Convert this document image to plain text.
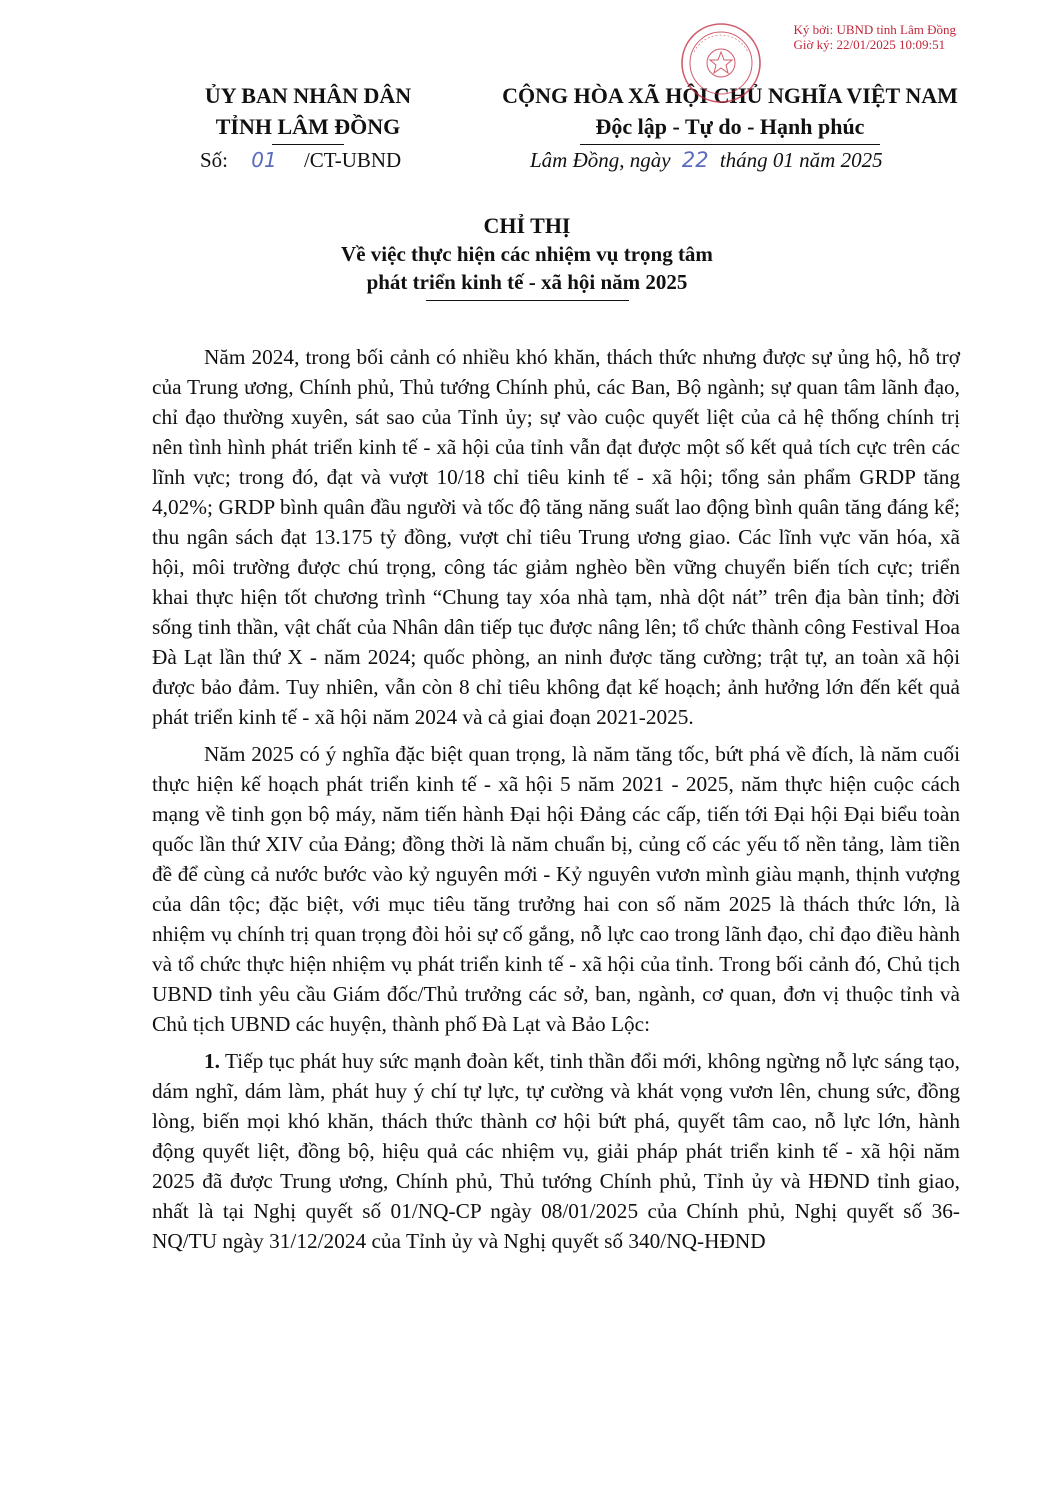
Ký bởi: UBND tỉnh Lâm Đồng
Giờ ký: 22/01/2025 10:09:51
ỦY BAN NHÂN DÂN
TỈNH LÂM ĐỒNG
CỘNG HÒA XÃ HỘI CHỦ NGHĨA VIỆT NAM
Độc lập - Tự do - Hạnh phúc
Số: 01 /CT-UBND	Lâm Đồng, ngày 22 tháng 01 năm 2025
CHỈ THỊ
Về việc thực hiện các nhiệm vụ trọng tâm
phát triển kinh tế - xã hội năm 2025

Năm 2024, trong bối cảnh có nhiều khó khăn, thách thức nhưng được sự ủng hộ, hỗ trợ của Trung ương, Chính phủ, Thủ tướng Chính phủ, các Ban, Bộ ngành; sự quan tâm lãnh đạo, chỉ đạo thường xuyên, sát sao của Tỉnh ủy; sự vào cuộc quyết liệt của cả hệ thống chính trị nên tình hình phát triển kinh tế - xã hội của tỉnh vẫn đạt được một số kết quả tích cực trên các lĩnh vực; trong đó, đạt và vượt 10/18 chỉ tiêu kinh tế - xã hội; tổng sản phẩm GRDP tăng 4,02%; GRDP bình quân đầu người và tốc độ tăng năng suất lao động bình quân tăng đáng kể; thu ngân sách đạt 13.175 tỷ đồng, vượt chỉ tiêu Trung ương giao. Các lĩnh vực văn hóa, xã hội, môi trường được chú trọng, công tác giảm nghèo bền vững chuyển biến tích cực; triển khai thực hiện tốt chương trình “Chung tay xóa nhà tạm, nhà dột nát” trên địa bàn tỉnh; đời sống tinh thần, vật chất của Nhân dân tiếp tục được nâng lên; tổ chức thành công Festival Hoa Đà Lạt lần thứ X - năm 2024; quốc phòng, an ninh được tăng cường; trật tự, an toàn xã hội được bảo đảm. Tuy nhiên, vẫn còn 8 chỉ tiêu không đạt kế hoạch; ảnh hưởng lớn đến kết quả phát triển kinh tế - xã hội năm 2024 và cả giai đoạn 2021-2025.

Năm 2025 có ý nghĩa đặc biệt quan trọng, là năm tăng tốc, bứt phá về đích, là năm cuối thực hiện kế hoạch phát triển kinh tế - xã hội 5 năm 2021 - 2025, năm thực hiện cuộc cách mạng về tinh gọn bộ máy, năm tiến hành Đại hội Đảng các cấp, tiến tới Đại hội Đại biểu toàn quốc lần thứ XIV của Đảng; đồng thời là năm chuẩn bị, củng cố các yếu tố nền tảng, làm tiền đề để cùng cả nước bước vào kỷ nguyên mới - Kỷ nguyên vươn mình giàu mạnh, thịnh vượng của dân tộc; đặc biệt, với mục tiêu tăng trưởng hai con số năm 2025 là thách thức lớn, là nhiệm vụ chính trị quan trọng đòi hỏi sự cố gắng, nỗ lực cao trong lãnh đạo, chỉ đạo điều hành và tổ chức thực hiện nhiệm vụ phát triển kinh tế - xã hội của tỉnh. Trong bối cảnh đó, Chủ tịch UBND tỉnh yêu cầu Giám đốc/Thủ trưởng các sở, ban, ngành, cơ quan, đơn vị thuộc tỉnh và Chủ tịch UBND các huyện, thành phố Đà Lạt và Bảo Lộc:

1. Tiếp tục phát huy sức mạnh đoàn kết, tinh thần đổi mới, không ngừng nỗ lực sáng tạo, dám nghĩ, dám làm, phát huy ý chí tự lực, tự cường và khát vọng vươn lên, chung sức, đồng lòng, biến mọi khó khăn, thách thức thành cơ hội bứt phá, quyết tâm cao, nỗ lực lớn, hành động quyết liệt, đồng bộ, hiệu quả các nhiệm vụ, giải pháp phát triển kinh tế - xã hội năm 2025 đã được Trung ương, Chính phủ, Thủ tướng Chính phủ, Tỉnh ủy và HĐND tỉnh giao, nhất là tại Nghị quyết số 01/NQ-CP ngày 08/01/2025 của Chính phủ, Nghị quyết số 36-NQ/TU ngày 31/12/2024 của Tỉnh ủy và Nghị quyết số 340/NQ-HĐND
